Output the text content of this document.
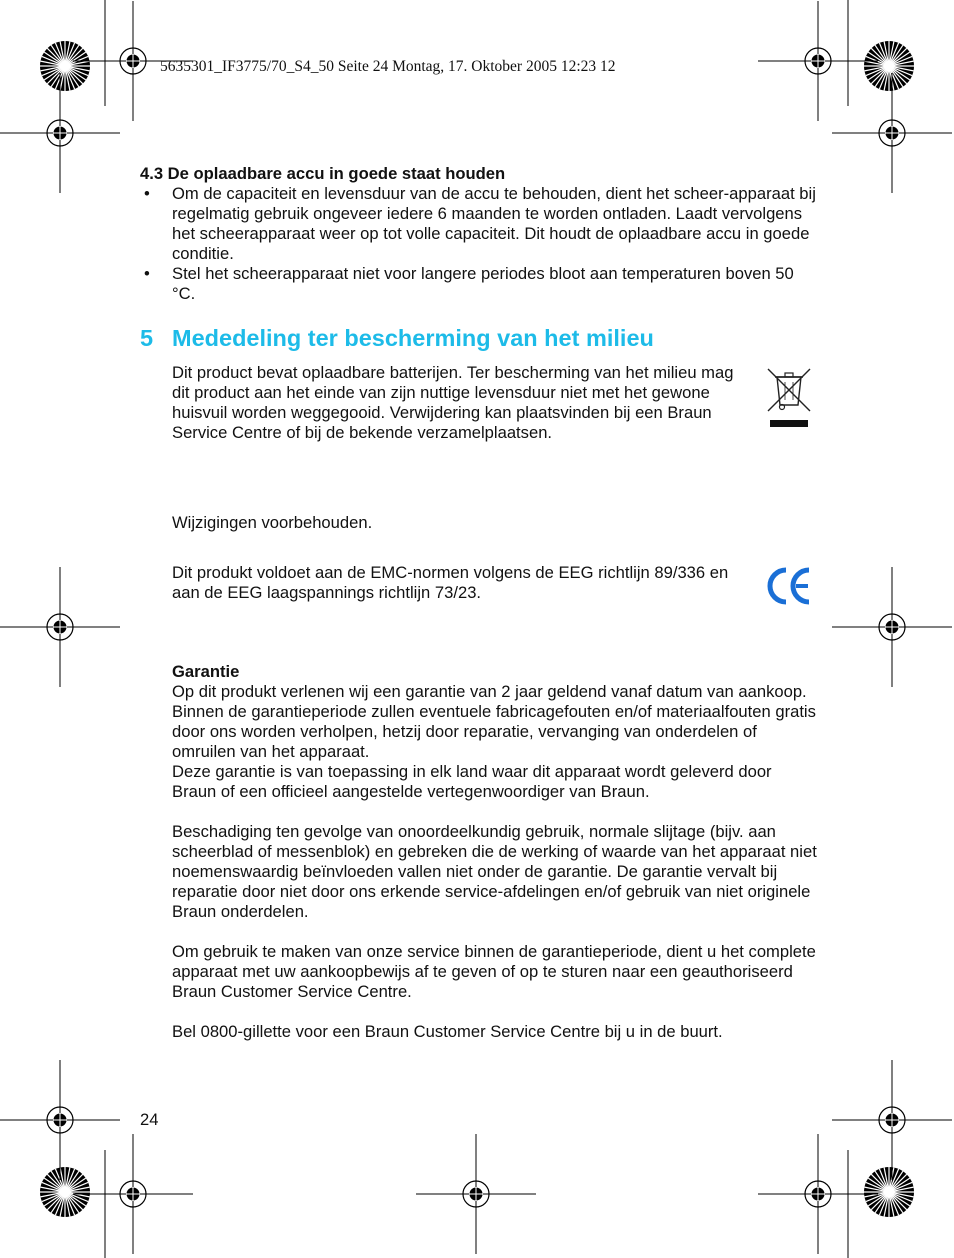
5635301_IF3775/70_S4_50 Seite 24 Montag, 17. Oktober 2005 12:23 12
4.3 De oplaadbare accu in goede staat houden
• Om de capaciteit en levensduur van de accu te behouden, dient het scheer-apparaat bij regelmatig gebruik ongeveer iedere 6 maanden te worden ontladen. Laadt vervolgens het scheerapparaat weer op tot volle capaciteit. Dit houdt de oplaadbare accu in goede conditie.
• Stel het scheerapparaat niet voor langere periodes bloot aan temperaturen boven 50 °C.
5 Mededeling ter bescherming van het milieu
Dit product bevat oplaadbare batterijen. Ter bescherming van het milieu mag dit product aan het einde van zijn nuttige levensduur niet met het gewone huisvuil worden weggegooid. Verwijdering kan plaatsvinden bij een Braun Service Centre of bij de bekende verzamelplaatsen.
Wijzigingen voorbehouden.
Dit produkt voldoet aan de EMC-normen volgens de EEG richtlijn 89/336 en aan de EEG laagspannings richtlijn 73/23.

Garantie

Op dit produkt verlenen wij een garantie van 2 jaar geldend vanaf datum van aankoop. Binnen de garantieperiode zullen eventuele fabricagefouten en/of materiaalfouten gratis door ons worden verholpen, hetzij door reparatie, vervanging van onderdelen of omruilen van het apparaat.

Deze garantie is van toepassing in elk land waar dit apparaat wordt geleverd door Braun of een officieel aangestelde vertegenwoordiger van Braun.

Beschadiging ten gevolge van onoordeelkundig gebruik, normale slijtage (bijv. aan scheerblad of messenblok) en gebreken die de werking of waarde van het apparaat niet noemenswaardig beïnvloeden vallen niet onder de garantie. De garantie vervalt bij reparatie door niet door ons erkende service-afdelingen en/of gebruik van niet originele Braun onderdelen.

Om gebruik te maken van onze service binnen de garantieperiode, dient u het complete apparaat met uw aankoopbewijs af te geven of op te sturen naar een geauthoriseerd Braun Customer Service Centre.

Bel 0800-gillette voor een Braun Customer Service Centre bij u in de buurt.

24
